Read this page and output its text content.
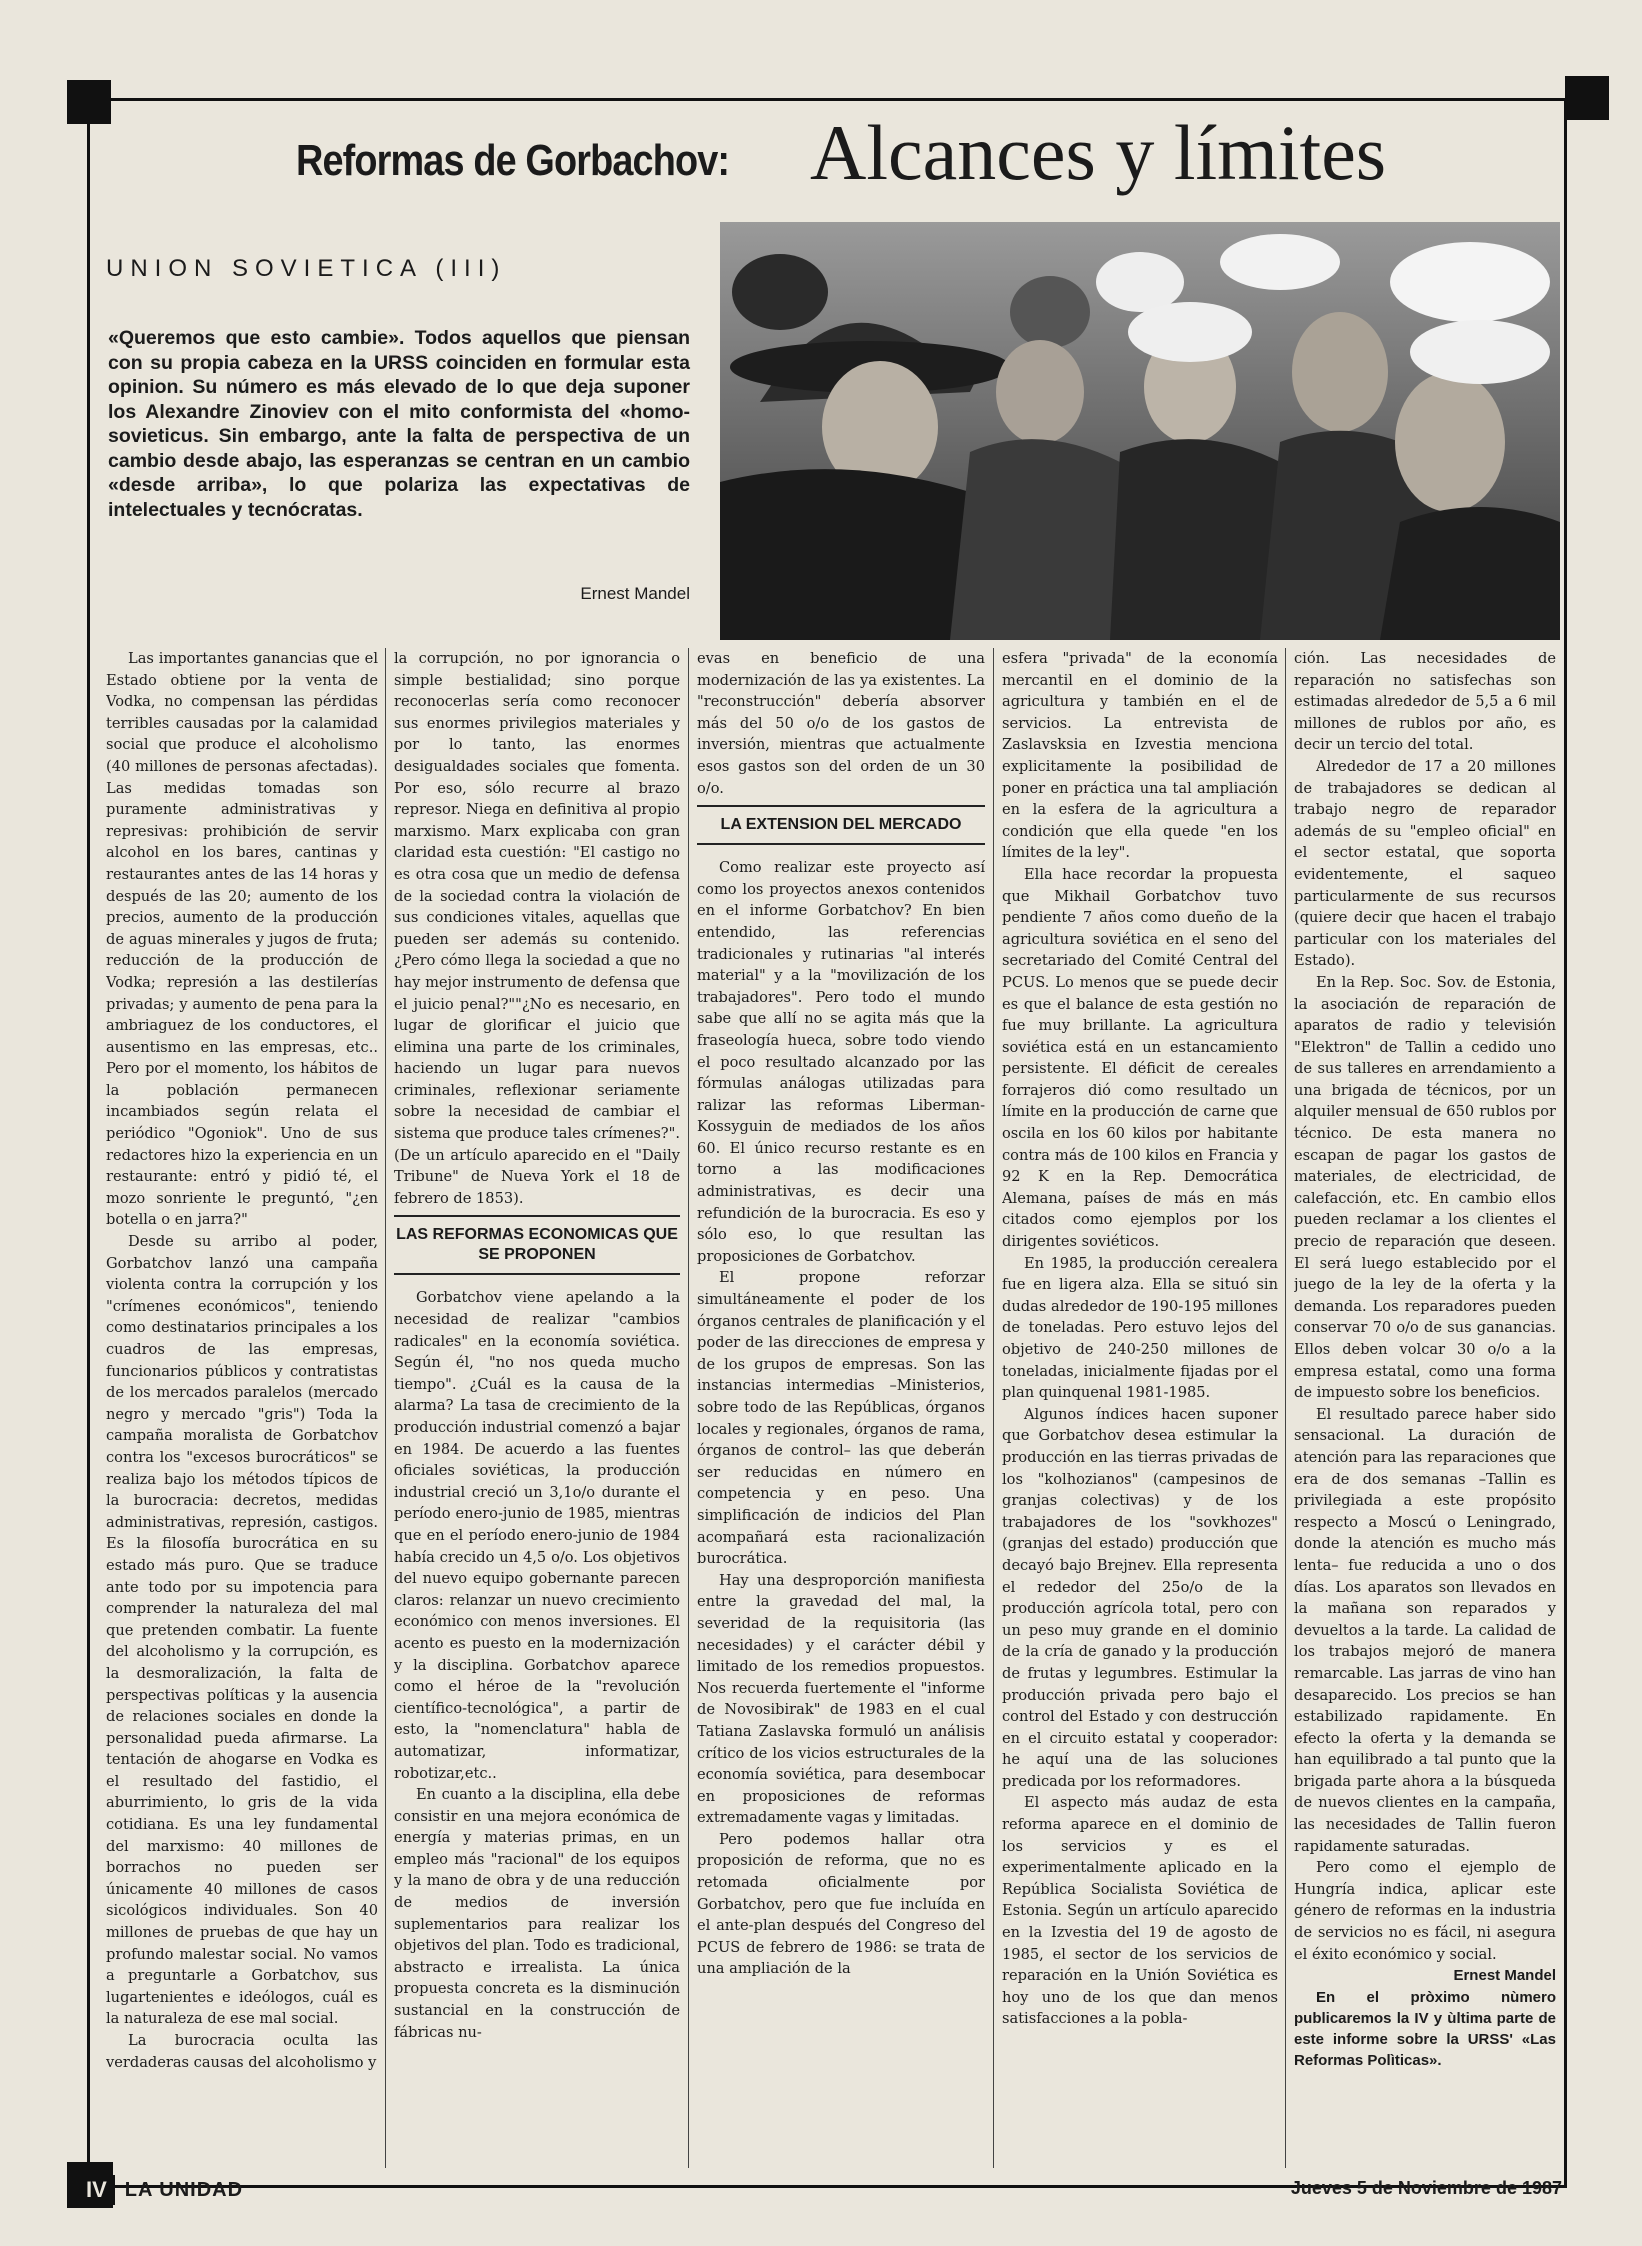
Reformas de Gorbachov: Alcances y límites
UNION SOVIETICA (III)
«Queremos que esto cambie». Todos aquellos que piensan con su propia cabeza en la URSS coinciden en formular esta opinion. Su número es más elevado de lo que deja suponer los Alexandre Zinoviev con el mito conformista del «homo-sovieticus. Sin embargo, ante la falta de perspectiva de un cambio desde abajo, las esperanzas se centran en un cambio «desde arriba», lo que polariza las expectativas de intelectuales y tecnócratas.
Ernest Mandel

Las importantes ganancias que el Estado obtiene por la venta de Vodka, no compensan las pérdidas terribles causadas por la calamidad social que produce el alcoholismo (40 millones de personas afectadas). Las medidas tomadas son puramente administrativas y represivas: prohibición de servir alcohol en los bares, cantinas y restaurantes antes de las 14 horas y después de las 20; aumento de los precios, aumento de la producción de aguas minerales y jugos de fruta; reducción de la producción de Vodka; represión a las destilerías privadas; y aumento de pena para la ambriaguez de los conductores, el ausentismo en las empresas, etc.. Pero por el momento, los hábitos de la población permanecen incambiados según relata el periódico "Ogoniok". Uno de sus redactores hizo la experiencia en un restaurante: entró y pidió té, el mozo sonriente le preguntó, "¿en botella o en jarra?"

Desde su arribo al poder, Gorbatchov lanzó una campaña violenta contra la corrupción y los "crímenes económicos", teniendo como destinatarios principales a los cuadros de las empresas, funcionarios públicos y contratistas de los mercados paralelos (mercado negro y mercado "gris") Toda la campaña moralista de Gorbatchov contra los "excesos burocráticos" se realiza bajo los métodos típicos de la burocracia: decretos, medidas administrativas, represión, castigos. Es la filosofía burocrática en su estado más puro. Que se traduce ante todo por su impotencia para comprender la naturaleza del mal que pretenden combatir. La fuente del alcoholismo y la corrupción, es la desmoralización, la falta de perspectivas políticas y la ausencia de relaciones sociales en donde la personalidad pueda afirmarse. La tentación de ahogarse en Vodka es el resultado del fastidio, el aburrimiento, lo gris de la vida cotidiana. Es una ley fundamental del marxismo: 40 millones de borrachos no pueden ser únicamente 40 millones de casos sicológicos individuales. Son 40 millones de pruebas de que hay un profundo malestar social. No vamos a preguntarle a Gorbatchov, sus lugartenientes e ideólogos, cuál es la naturaleza de ese mal social.

La burocracia oculta las verdaderas causas del alcoholismo y

la corrupción, no por ignorancia o simple bestialidad; sino porque reconocerlas sería como reconocer sus enormes privilegios materiales y por lo tanto, las enormes desigualdades sociales que fomenta. Por eso, sólo recurre al brazo represor. Niega en definitiva al propio marxismo. Marx explicaba con gran claridad esta cuestión: "El castigo no es otra cosa que un medio de defensa de la sociedad contra la violación de sus condiciones vitales, aquellas que pueden ser además su contenido. ¿Pero cómo llega la sociedad a que no hay mejor instrumento de defensa que el juicio penal?""¿No es necesario, en lugar de glorificar el juicio que elimina una parte de los criminales, haciendo un lugar para nuevos criminales, reflexionar seriamente sobre la necesidad de cambiar el sistema que produce tales crímenes?".(De un artículo aparecido en el "Daily Tribune" de Nueva York el 18 de febrero de 1853).

LAS REFORMAS ECONOMICAS QUE SE PROPONEN

Gorbatchov viene apelando a la necesidad de realizar "cambios radicales" en la economía soviética. Según él, "no nos queda mucho tiempo". ¿Cuál es la causa de la alarma? La tasa de crecimiento de la producción industrial comenzó a bajar en 1984. De acuerdo a las fuentes oficiales soviéticas, la producción industrial creció un 3,1o/o durante el período enero-junio de 1985, mientras que en el período enero-junio de 1984 había crecido un 4,5 o/o. Los objetivos del nuevo equipo gobernante parecen claros: relanzar un nuevo crecimiento económico con menos inversiones. El acento es puesto en la modernización y la disciplina. Gorbatchov aparece como el héroe de la "revolución científico-tecnológica", a partir de esto, la "nomenclatura" habla de automatizar, informatizar, robotizar,etc..

En cuanto a la disciplina, ella debe consistir en una mejora económica de energía y materias primas, en un empleo más "racional" de los equipos y la mano de obra y de una reducción de medios de inversión suplementarios para realizar los objetivos del plan. Todo es tradicional, abstracto e irrealista. La única propuesta concreta es la disminución sustancial en la construcción de fábricas nu-

evas en beneficio de una modernización de las ya existentes. La "reconstrucción" debería absorver más del 50 o/o de los gastos de inversión, mientras que actualmente esos gastos son del orden de un 30 o/o.

LA EXTENSION DEL MERCADO

Como realizar este proyecto así como los proyectos anexos contenidos en el informe Gorbatchov? En bien entendido, las referencias tradicionales y rutinarias "al interés material" y a la "movilización de los trabajadores". Pero todo el mundo sabe que allí no se agita más que la fraseología hueca, sobre todo viendo el poco resultado alcanzado por las fórmulas análogas utilizadas para ralizar las reformas Liberman-Kossyguin de mediados de los años 60. El único recurso restante es en torno a las modificaciones administrativas, es decir una refundición de la burocracia. Es eso y sólo eso, lo que resultan las proposiciones de Gorbatchov.

El propone reforzar simultáneamente el poder de los órganos centrales de planificación y el poder de las direcciones de empresa y de los grupos de empresas. Son las instancias intermedias –Ministerios, sobre todo de las Repúblicas, órganos locales y regionales, órganos de rama, órganos de control– las que deberán ser reducidas en número en competencia y en peso. Una simplificación de indicios del Plan acompañará esta racionalización burocrática.

Hay una desproporción manifiesta entre la gravedad del mal, la severidad de la requisitoria (las necesidades) y el carácter débil y limitado de los remedios propuestos. Nos recuerda fuertemente el "informe de Novosibirak" de 1983 en el cual Tatiana Zaslavska formuló un análisis crítico de los vicios estructurales de la economía soviética, para desembocar en proposiciones de reformas extremadamente vagas y limitadas.

Pero podemos hallar otra proposición de reforma, que no es retomada oficialmente por Gorbatchov, pero que fue incluída en el ante-plan después del Congreso del PCUS de febrero de 1986: se trata de una ampliación de la

esfera "privada" de la economía mercantil en el dominio de la agricultura y también en el de servicios. La entrevista de Zaslavsksia en Izvestia menciona explicitamente la posibilidad de poner en práctica una tal ampliación en la esfera de la agricultura a condición que ella quede "en los límites de la ley".

Ella hace recordar la propuesta que Mikhail Gorbatchov tuvo pendiente 7 años como dueño de la agricultura soviética en el seno del secretariado del Comité Central del PCUS. Lo menos que se puede decir es que el balance de esta gestión no fue muy brillante. La agricultura soviética está en un estancamiento persistente. El déficit de cereales forrajeros dió como resultado un límite en la producción de carne que oscila en los 60 kilos por habitante contra más de 100 kilos en Francia y 92 K en la Rep. Democrática Alemana, países de más en más citados como ejemplos por los dirigentes soviéticos.

En 1985, la producción cerealera fue en ligera alza. Ella se situó sin dudas alrededor de 190-195 millones de toneladas. Pero estuvo lejos del objetivo de 240-250 millones de toneladas, inicialmente fijadas por el plan quinquenal 1981-1985.

Algunos índices hacen suponer que Gorbatchov desea estimular la producción en las tierras privadas de los "kolhozianos" (campesinos de granjas colectivas) y de los trabajadores de los "sovkhozes" (granjas del estado) producción que decayó bajo Brejnev. Ella representa el rededor del 25o/o de la producción agrícola total, pero con un peso muy grande en el dominio de la cría de ganado y la producción de frutas y legumbres. Estimular la producción privada pero bajo el control del Estado y con destrucción en el circuito estatal y cooperador: he aquí una de las soluciones predicada por los reformadores.

El aspecto más audaz de esta reforma aparece en el dominio de los servicios y es el experimentalmente aplicado en la República Socialista Soviética de Estonia. Según un artículo aparecido en la Izvestia del 19 de agosto de 1985, el sector de los servicios de reparación en la Unión Soviética es hoy uno de los que dan menos satisfacciones a la pobla-

ción. Las necesidades de reparación no satisfechas son estimadas alrededor de 5,5 a 6 mil millones de rublos por año, es decir un tercio del total.

Alrededor de 17 a 20 millones de trabajadores se dedican al trabajo negro de reparador además de su "empleo oficial" en el sector estatal, que soporta evidentemente, el saqueo particularmente de sus recursos (quiere decir que hacen el trabajo particular con los materiales del Estado).

En la Rep. Soc. Sov. de Estonia, la asociación de reparación de aparatos de radio y televisión "Elektron" de Tallin a cedido uno de sus talleres en arrendamiento a una brigada de técnicos, por un alquiler mensual de 650 rublos por técnico. De esta manera no escapan de pagar los gastos de materiales, de electricidad, de calefacción, etc. En cambio ellos pueden reclamar a los clientes el precio de reparación que deseen. El será luego establecido por el juego de la ley de la oferta y la demanda. Los reparadores pueden conservar 70 o/o de sus ganancias. Ellos deben volcar 30 o/o a la empresa estatal, como una forma de impuesto sobre los beneficios.

El resultado parece haber sido sensacional. La duración de atención para las reparaciones que era de dos semanas –Tallin es privilegiada a este propósito respecto a Moscú o Leningrado, donde la atención es mucho más lenta– fue reducida a uno o dos días. Los aparatos son llevados en la mañana son reparados y devueltos a la tarde. La calidad de los trabajos mejoró de manera remarcable. Las jarras de vino han desaparecido. Los precios se han estabilizado rapidamente. En efecto la oferta y la demanda se han equilibrado a tal punto que la brigada parte ahora a la búsqueda de nuevos clientes en la campaña, las necesidades de Tallin fueron rapidamente saturadas.

Pero como el ejemplo de Hungría indica, aplicar este género de reformas en la industria de servicios no es fácil, ni asegura el éxito económico y social.

Ernest Mandel

En el pròximo nùmero publicaremos la IV y ùltima parte de este informe sobre la URSS' «Las Reformas Polìticas».

IV LA UNIDAD	Jueves 5 de Noviembre de 1987
